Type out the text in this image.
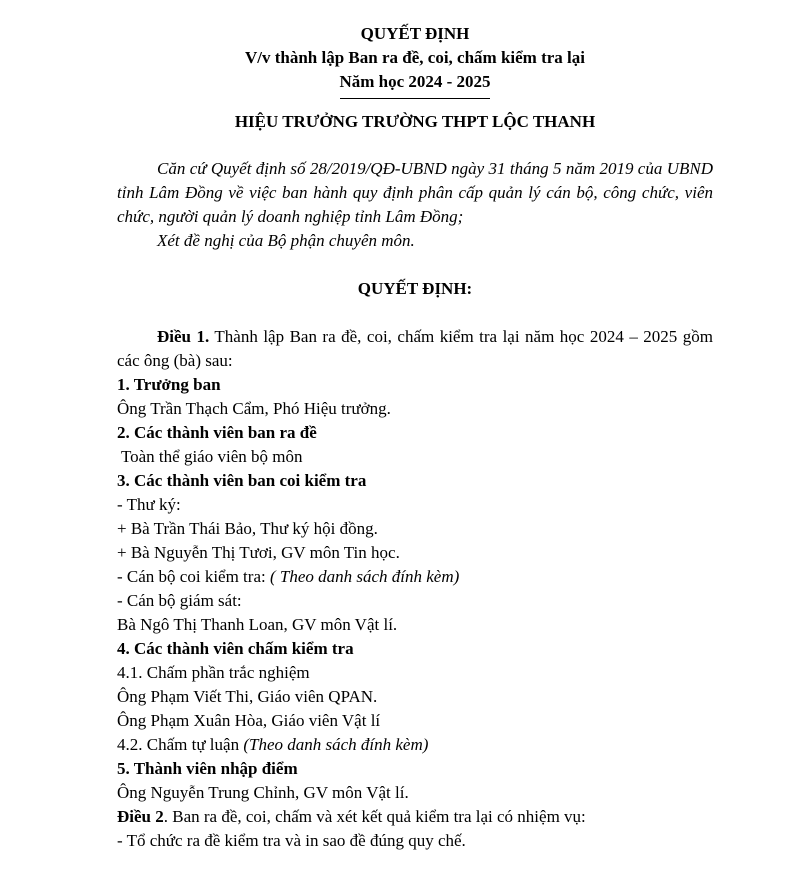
QUYẾT ĐỊNH
V/v thành lập Ban ra đề, coi, chấm kiểm tra lại
Năm học 2024 - 2025
HIỆU TRƯỞNG TRƯỜNG THPT LỘC THANH
Căn cứ Quyết định số 28/2019/QĐ-UBND ngày 31 tháng 5 năm 2019 của UBND tỉnh Lâm Đồng về việc ban hành quy định phân cấp quản lý cán bộ, công chức, viên chức, người quản lý doanh nghiệp tỉnh Lâm Đồng;
Xét đề nghị của Bộ phận chuyên môn.
QUYẾT ĐỊNH:
Điều 1. Thành lập Ban ra đề, coi, chấm kiểm tra lại năm học 2024 – 2025 gồm các ông (bà) sau:
1. Trưởng ban
Ông Trần Thạch Cẩm, Phó Hiệu trưởng.
2. Các thành viên ban ra đề
Toàn thể giáo viên bộ môn
3. Các thành viên ban coi kiểm tra
- Thư ký:
+ Bà Trần Thái Bảo, Thư ký hội đồng.
+ Bà Nguyễn Thị Tươi, GV môn Tin học.
- Cán bộ coi kiểm tra: ( Theo danh sách đính kèm)
- Cán bộ giám sát:
Bà Ngô Thị Thanh Loan, GV môn Vật lí.
4. Các thành viên chấm kiểm tra
4.1. Chấm phần trắc nghiệm
Ông Phạm Viết Thi, Giáo viên QPAN.
Ông Phạm Xuân Hòa, Giáo viên Vật lí
4.2. Chấm tự luận (Theo danh sách đính kèm)
5. Thành viên nhập điểm
Ông Nguyễn Trung Chỉnh, GV môn Vật lí.
Điều 2. Ban ra đề, coi, chấm và xét kết quả kiểm tra lại có nhiệm vụ:
- Tổ chức ra đề kiểm tra và in sao đề đúng quy chế.
